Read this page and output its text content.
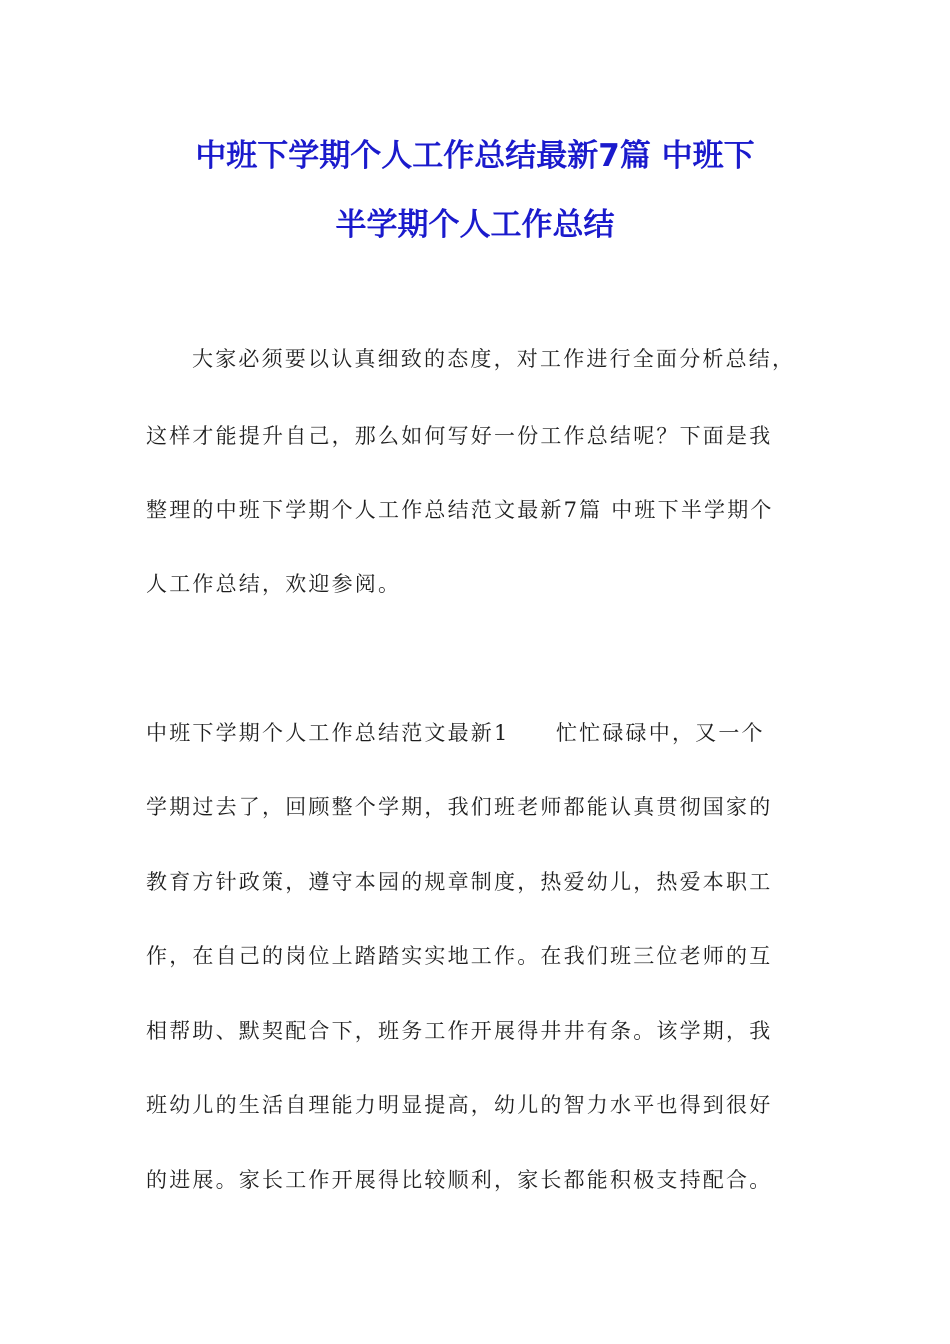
中班下学期个人工作总结最新7篇 中班下
半学期个人工作总结
大家必须要以认真细致的态度，对工作进行全面分析总结，
这样才能提升自己，那么如何写好一份工作总结呢？下面是我
整理的中班下学期个人工作总结范文最新7篇 中班下半学期个
人工作总结，欢迎参阅。
中班下学期个人工作总结范文最新1　　忙忙碌碌中，又一个
学期过去了，回顾整个学期，我们班老师都能认真贯彻国家的
教育方针政策，遵守本园的规章制度，热爱幼儿，热爱本职工
作，在自己的岗位上踏踏实实地工作。在我们班三位老师的互
相帮助、默契配合下，班务工作开展得井井有条。该学期，我
班幼儿的生活自理能力明显提高，幼儿的智力水平也得到很好
的进展。家长工作开展得比较顺利，家长都能积极支持配合。
